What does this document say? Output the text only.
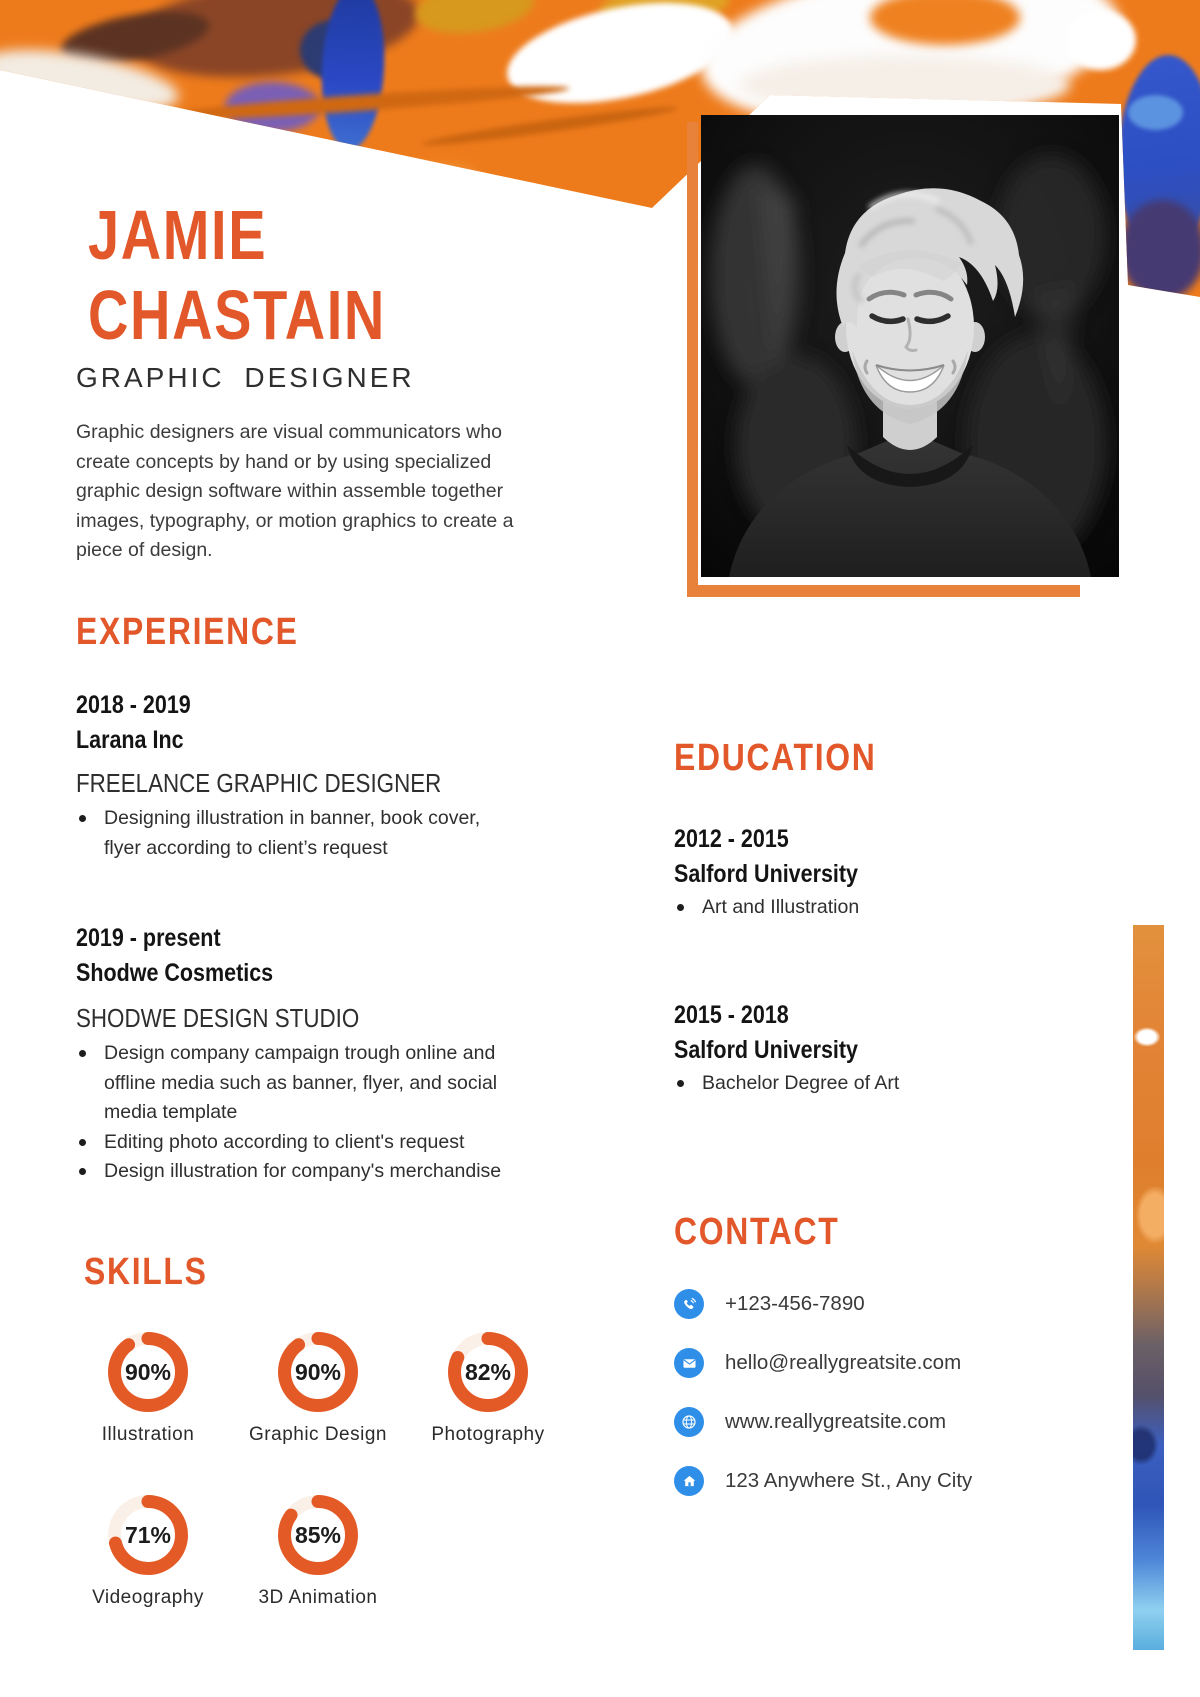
JAMIE
CHASTAIN
GRAPHIC DESIGNER

Graphic designers are visual communicators who create concepts by hand or by using specialized graphic design software within assemble together images, typography, or motion graphics to create a piece of design.

EXPERIENCE
2018 - 2019
Larana Inc
FREELANCE GRAPHIC DESIGNER
Designing illustration in banner, book cover, flyer according to client’s request
2019 - present
Shodwe Cosmetics
SHODWE DESIGN STUDIO
Design company campaign trough online and offline media such as banner, flyer, and social media template
Editing photo according to client's request
Design illustration for company's merchandise
SKILLS
90%
Illustration
90%
Graphic Design
82%
Photography
71%
Videography
85%
3D Animation
EDUCATION
2012 - 2015
Salford University
Art and Illustration
2015 - 2018
Salford University
Bachelor Degree of Art
CONTACT
+123-456-7890
hello@reallygreatsite.com
www.reallygreatsite.com
123 Anywhere St., Any City
